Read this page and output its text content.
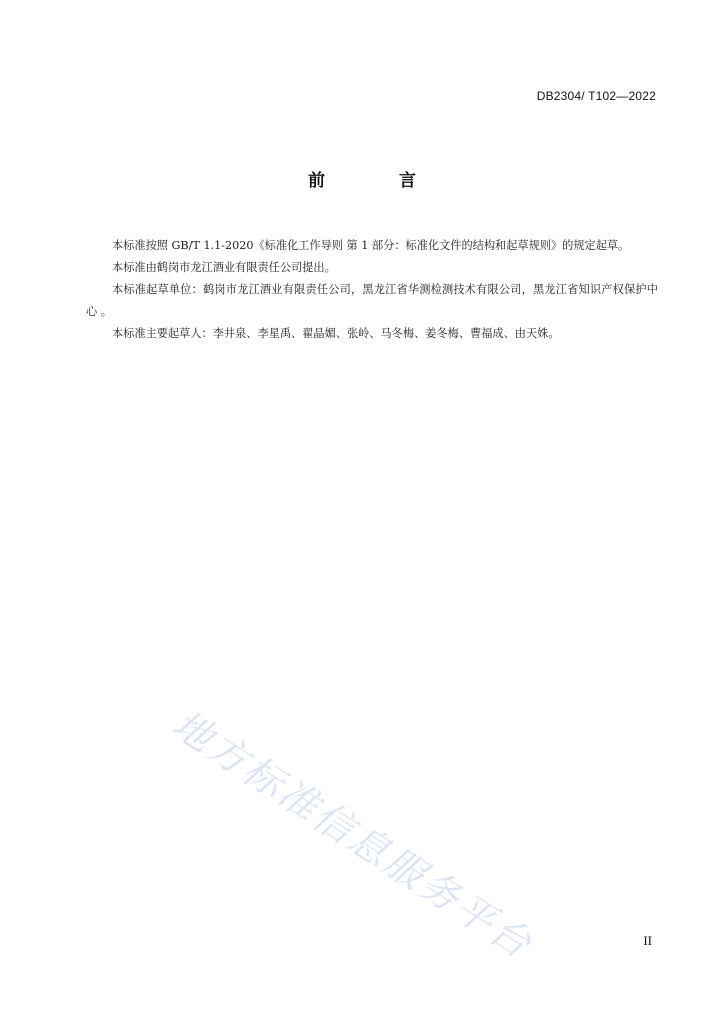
DB2304/ T102—2022
前 言

本标准按照 GB/T 1.1-2020《标准化工作导则 第 1 部分：标准化文件的结构和起草规则》的规定起草。

本标准由鹤岗市龙江酒业有限责任公司提出。

本标准起草单位：鹤岗市龙江酒业有限责任公司，黑龙江省华测检测技术有限公司，黑龙江省知识产权保护中心 。

本标准主要起草人：李井泉、李星禹、翟晶媚、张岭、马冬梅、姜冬梅、曹福成、由天姝。

地方标准信息服务平台	II
